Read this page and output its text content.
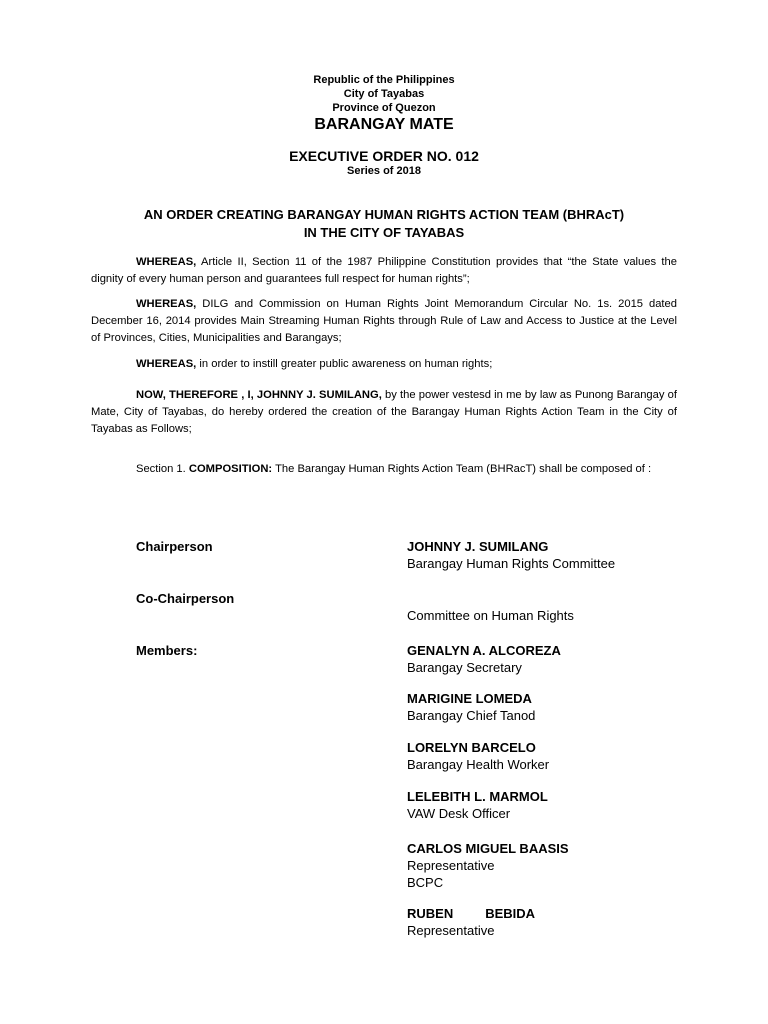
Republic of the Philippines
City of Tayabas
Province of Quezon
BARANGAY MATE
EXECUTIVE ORDER NO. 012
Series of 2018
AN ORDER CREATING BARANGAY HUMAN RIGHTS ACTION TEAM (BHRAcT)
IN THE CITY OF TAYABAS
WHEREAS, Article II, Section 11 of the 1987 Philippine Constitution provides that “the State values the dignity of every human person and guarantees full respect for human rights”;
WHEREAS, DILG and Commission on Human Rights Joint Memorandum Circular No. 1s. 2015 dated December 16, 2014 provides Main Streaming Human Rights through Rule of Law and Access to Justice at the Level of Provinces, Cities, Municipalities and Barangays;
WHEREAS, in order to instill greater public awareness on human rights;
NOW, THEREFORE , I, JOHNNY J. SUMILANG, by the power vestesd in me by law as Punong Barangay of Mate, City of Tayabas, do hereby ordered the creation of the Barangay Human Rights Action Team in the City of Tayabas as Follows;
Section 1. COMPOSITION: The Barangay Human Rights Action Team (BHRacT) shall be composed of :
Chairperson	JOHNNY J. SUMILANG
Barangay Human Rights Committee
Co-Chairperson
Committee on Human Rights
Members:	GENALYN A. ALCOREZA
Barangay Secretary
MARIGINE LOMEDA
Barangay Chief Tanod
LORELYN BARCELO
Barangay Health Worker
LELEBITH L. MARMOL
VAW Desk Officer
CARLOS MIGUEL BAASIS
Representative
BCPC
RUBEN BEBIDA
Representative
